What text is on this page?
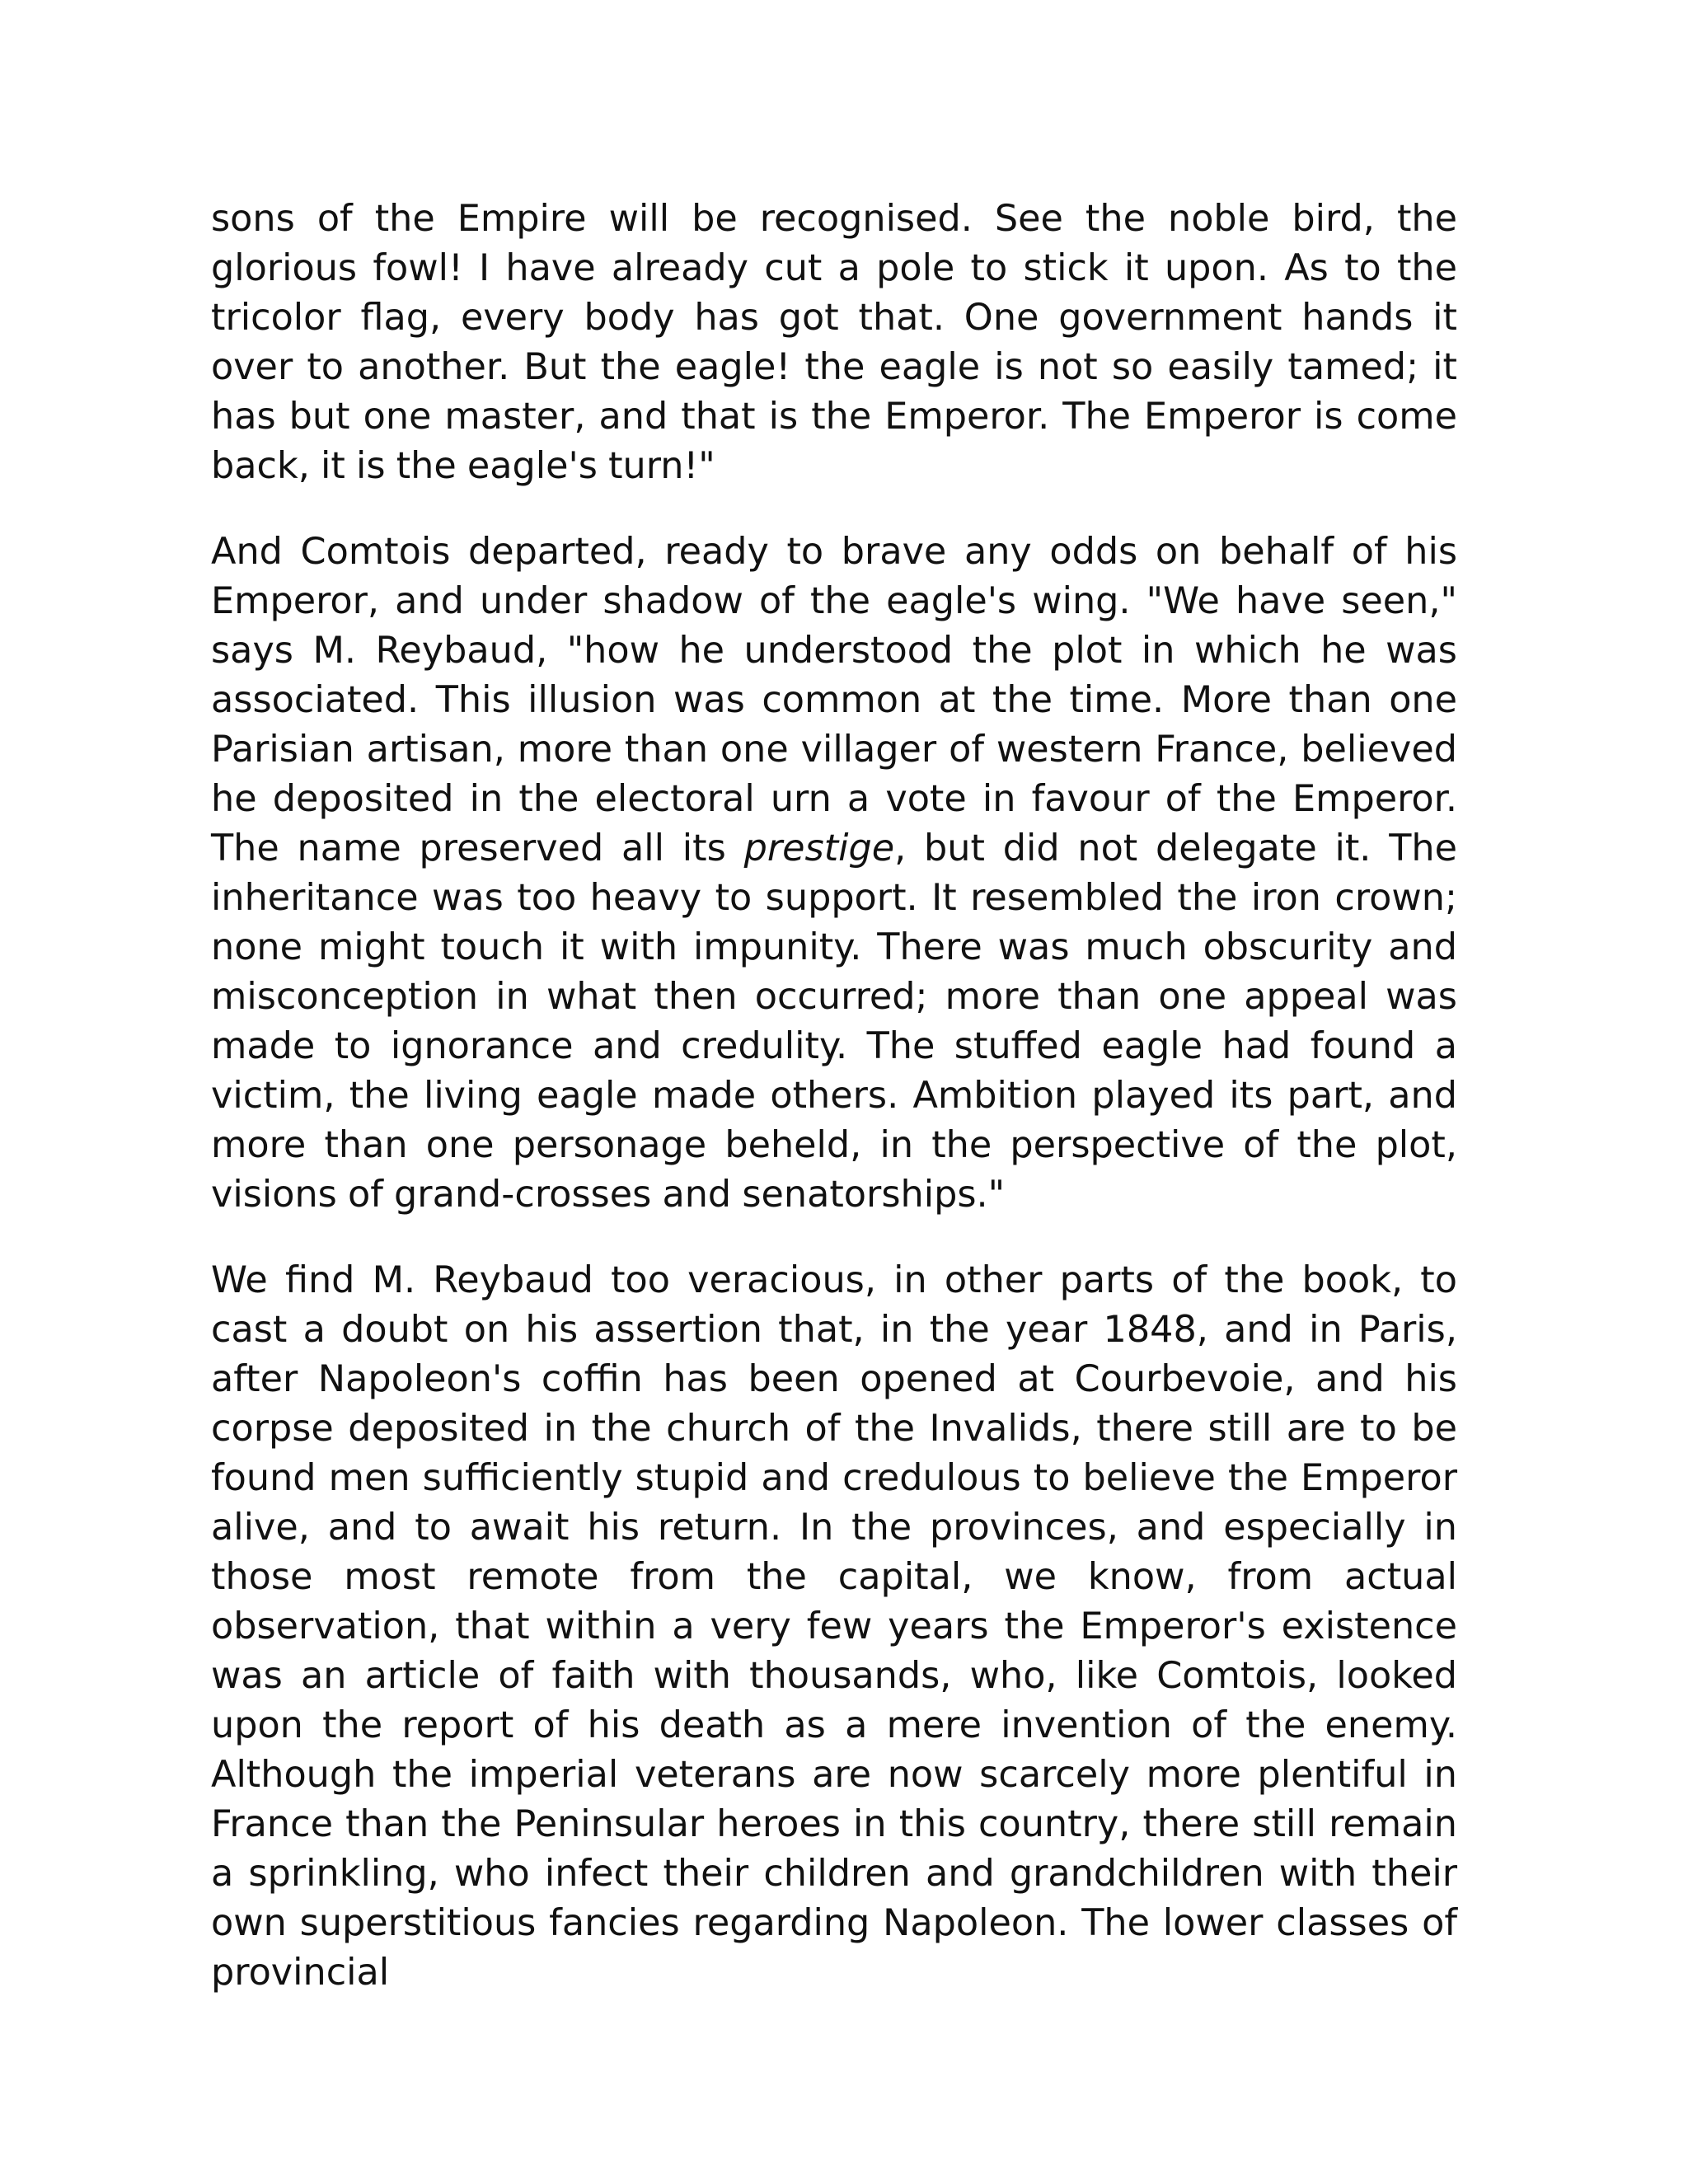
sons of the Empire will be recognised. See the noble bird, the glorious fowl! I have already cut a pole to stick it upon. As to the tricolor flag, every body has got that. One government hands it over to another. But the eagle! the eagle is not so easily tamed; it has but one master, and that is the Emperor. The Emperor is come back, it is the eagle's turn!"

And Comtois departed, ready to brave any odds on behalf of his Emperor, and under shadow of the eagle's wing. "We have seen," says M. Reybaud, "how he understood the plot in which he was associated. This illusion was common at the time. More than one Parisian artisan, more than one villager of western France, believed he deposited in the electoral urn a vote in favour of the Emperor. The name preserved all its prestige, but did not delegate it. The inheritance was too heavy to support. It resembled the iron crown; none might touch it with impunity. There was much obscurity and misconception in what then occurred; more than one appeal was made to ignorance and credulity. The stuffed eagle had found a victim, the living eagle made others. Ambition played its part, and more than one personage beheld, in the perspective of the plot, visions of grand-crosses and senatorships."

We find M. Reybaud too veracious, in other parts of the book, to cast a doubt on his assertion that, in the year 1848, and in Paris, after Napoleon's coffin has been opened at Courbevoie, and his corpse deposited in the church of the Invalids, there still are to be found men sufficiently stupid and credulous to believe the Emperor alive, and to await his return. In the provinces, and especially in those most remote from the capital, we know, from actual observation, that within a very few years the Emperor's existence was an article of faith with thousands, who, like Comtois, looked upon the report of his death as a mere invention of the enemy. Although the imperial veterans are now scarcely more plentiful in France than the Peninsular heroes in this country, there still remain a sprinkling, who infect their children and grandchildren with their own superstitious fancies regarding Napoleon. The lower classes of provincial
